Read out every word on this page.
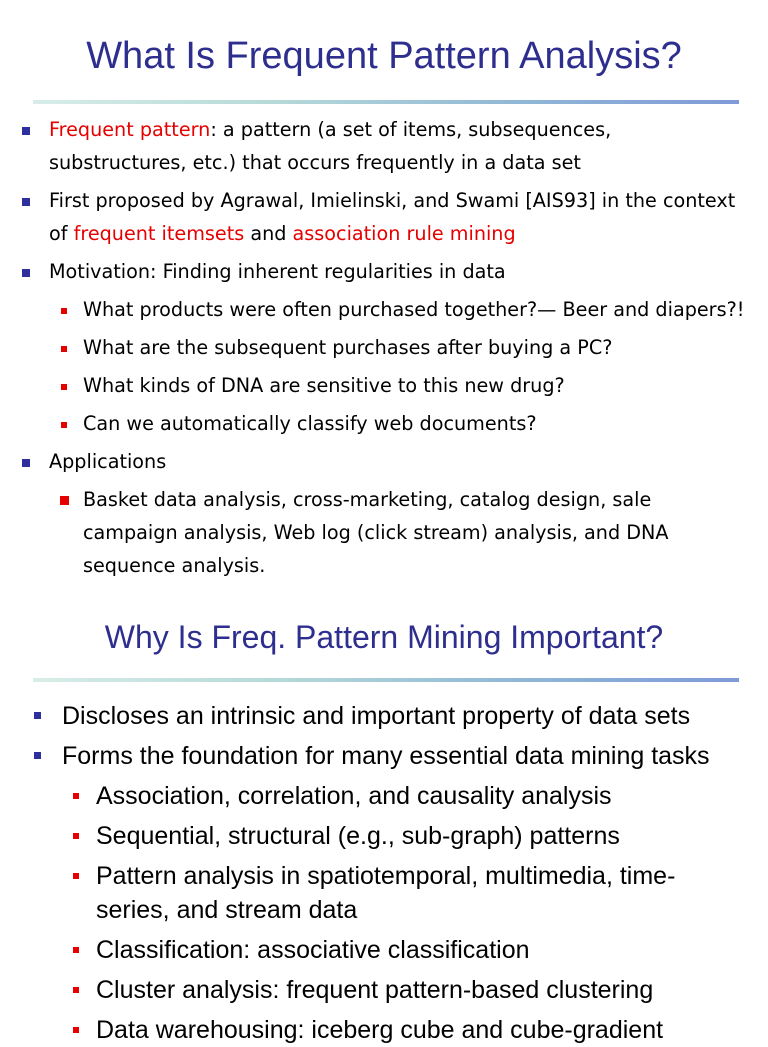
What Is Frequent Pattern Analysis?
Frequent pattern: a pattern (a set of items, subsequences, substructures, etc.) that occurs frequently in a data set
First proposed by Agrawal, Imielinski, and Swami [AIS93] in the context of frequent itemsets and association rule mining
Motivation: Finding inherent regularities in data
What products were often purchased together?— Beer and diapers?!
What are the subsequent purchases after buying a PC?
What kinds of DNA are sensitive to this new drug?
Can we automatically classify web documents?
Applications
Basket data analysis, cross-marketing, catalog design, sale campaign analysis, Web log (click stream) analysis, and DNA sequence analysis.
Why Is Freq. Pattern Mining Important?
Discloses an intrinsic and important property of data sets
Forms the foundation for many essential data mining tasks
Association, correlation, and causality analysis
Sequential, structural (e.g., sub-graph) patterns
Pattern analysis in spatiotemporal, multimedia, time-series, and stream data
Classification: associative classification
Cluster analysis: frequent pattern-based clustering
Data warehousing: iceberg cube and cube-gradient
